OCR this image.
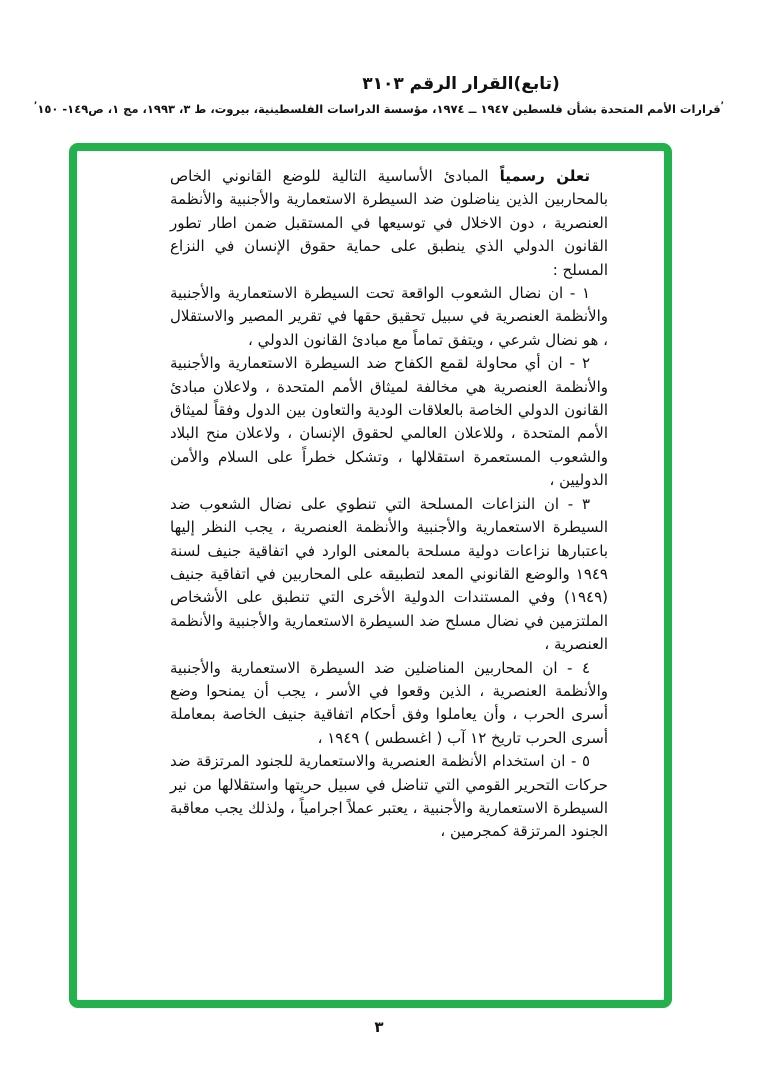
(تابع)القرار الرقم ٣١٠٣
’قرارات الأمم المتحدة بشأن فلسطين ١٩٤٧ ــ ١٩٧٤، مؤسسة الدراسات الفلسطينية، بيروت، ط ٣، ١٩٩٣، مج ١، ص١٤٩- ١٥٠’

تعلن رسمياً المبادئ الأساسية التالية للوضع القانوني الخاص بالمحاربين الذين يناضلون ضد السيطرة الاستعمارية والأجنبية والأنظمة العنصرية ، دون الاخلال في توسيعها في المستقبل ضمن اطار تطور القانون الدولي الذي ينطبق على حماية حقوق الإنسان في النزاع المسلح :

١ - ان نضال الشعوب الواقعة تحت السيطرة الاستعمارية والأجنبية والأنظمة العنصرية في سبيل تحقيق حقها في تقرير المصير والاستقلال ، هو نضال شرعي ، ويتفق تماماً مع مبادئ القانون الدولي ،

٢ - ان أي محاولة لقمع الكفاح ضد السيطرة الاستعمارية والأجنبية والأنظمة العنصرية هي مخالفة لميثاق الأمم المتحدة ، ولاعلان مبادئ القانون الدولي الخاصة بالعلاقات الودية والتعاون بين الدول وفقاً لميثاق الأمم المتحدة ، وللاعلان العالمي لحقوق الإنسان ، ولاعلان منح البلاد والشعوب المستعمرة استقلالها ، وتشكل خطراً على السلام والأمن الدوليين ،

٣ - ان النزاعات المسلحة التي تنطوي على نضال الشعوب ضد السيطرة الاستعمارية والأجنبية والأنظمة العنصرية ، يجب النظر إليها باعتبارها نزاعات دولية مسلحة بالمعنى الوارد في اتفاقية جنيف لسنة ١٩٤٩ والوضع القانوني المعد لتطبيقه على المحاربين في اتفاقية جنيف (١٩٤٩) وفي المستندات الدولية الأخرى التي تنطبق على الأشخاص الملتزمين في نضال مسلح ضد السيطرة الاستعمارية والأجنبية والأنظمة العنصرية ،

٤ - ان المحاربين المناضلين ضد السيطرة الاستعمارية والأجنبية والأنظمة العنصرية ، الذين وقعوا في الأسر ، يجب أن يمنحوا وضع أسرى الحرب ، وأن يعاملوا وفق أحكام اتفاقية جنيف الخاصة بمعاملة أسرى الحرب تاريخ ١٢ آب ( اغسطس ) ١٩٤٩ ،

٥ - ان استخدام الأنظمة العنصرية والاستعمارية للجنود المرتزقة ضد حركات التحرير القومي التي تناضل في سبيل حريتها واستقلالها من نير السيطرة الاستعمارية والأجنبية ، يعتبر عملاً اجرامياً ، ولذلك يجب معاقبة الجنود المرتزقة كمجرمين ،

٣
